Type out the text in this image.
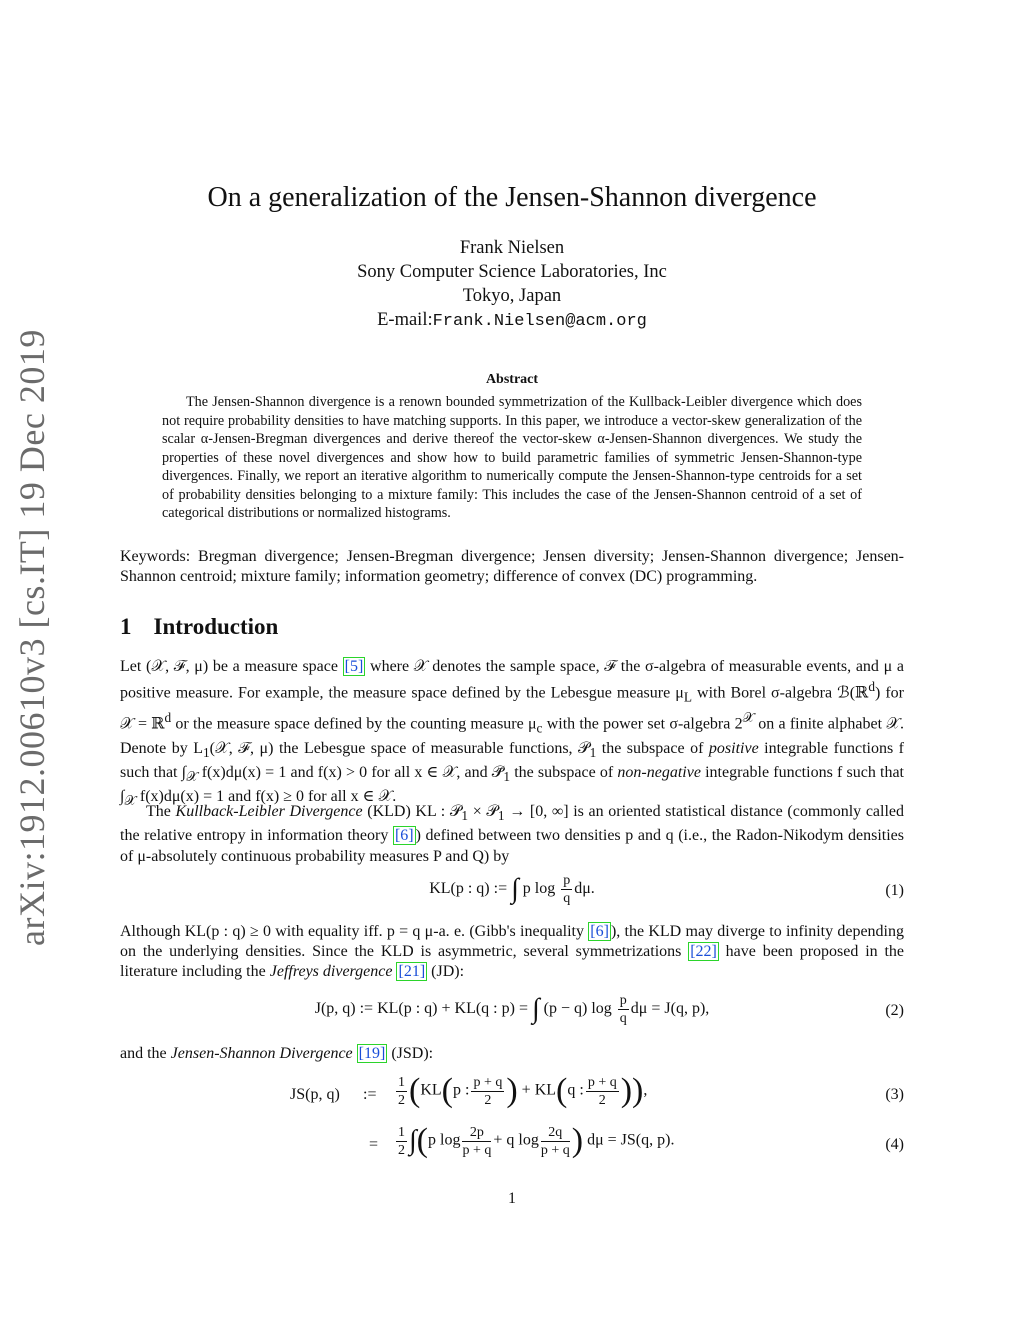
arXiv:1912.00610v3 [cs.IT] 19 Dec 2019
On a generalization of the Jensen-Shannon divergence
Frank Nielsen
Sony Computer Science Laboratories, Inc
Tokyo, Japan
E-mail:Frank.Nielsen@acm.org
Abstract
The Jensen-Shannon divergence is a renown bounded symmetrization of the Kullback-Leibler divergence which does not require probability densities to have matching supports. In this paper, we introduce a vector-skew generalization of the scalar α-Jensen-Bregman divergences and derive thereof the vector-skew α-Jensen-Shannon divergences. We study the properties of these novel divergences and show how to build parametric families of symmetric Jensen-Shannon-type divergences. Finally, we report an iterative algorithm to numerically compute the Jensen-Shannon-type centroids for a set of probability densities belonging to a mixture family: This includes the case of the Jensen-Shannon centroid of a set of categorical distributions or normalized histograms.
Keywords: Bregman divergence; Jensen-Bregman divergence; Jensen diversity; Jensen-Shannon divergence; Jensen-Shannon centroid; mixture family; information geometry; difference of convex (DC) programming.
1 Introduction
Let (𝒳, ℱ, μ) be a measure space [5] where 𝒳 denotes the sample space, ℱ the σ-algebra of measurable events, and μ a positive measure. For example, the measure space defined by the Lebesgue measure $\mu_L$ with Borel σ-algebra ℬ(ℝ$^d$) for 𝒳 = ℝ$^d$ or the measure space defined by the counting measure $\mu_c$ with the power set σ-algebra $2^𝒳$ on a finite alphabet 𝒳. Denote by $L_1(𝒳$, ℱ, μ) the Lebesgue space of measurable functions, 𝒫$_1$ the subspace of positive integrable functions f such that $\int_𝒳$ f(x)dμ(x) = 1 and f(x) > 0 for all x ∈ 𝒳, and $𝒫̄_1$ the subspace of non-negative integrable functions f such that $\int_𝒳$ f(x)dμ(x) = 1 and f(x) ≥ 0 for all x ∈ 𝒳.
The Kullback-Leibler Divergence (KLD) KL : 𝒫$_1$ × 𝒫$_1$ → [0, ∞] is an oriented statistical distance (commonly called the relative entropy in information theory [6] ) defined between two densities p and q (i.e., the Radon-Nikodym densities of μ-absolutely continuous probability measures P and Q) by
KL(p : q) := ∫ p $\log \frac{p}{q} d\mu$.	(1)
Although KL(p : q) ≥ 0 with equality iff. p = q μ-a. e. (Gibb's inequality [6] ), the KLD may diverge to infinity depending on the underlying densities. Since the KLD is asymmetric, several symmetrizations [22] have been proposed in the literature including the Jeffreys divergence [21] (JD):
J(p, q) := KL(p : q) + KL(q : p) = ∫ (p − q) $\log \frac{p}{q}$ dμ = J(q, p),	(2)
and the Jensen-Shannon Divergence [19] (JSD):
JS(p, q) := $\frac{1}{2} (KL(p$ : $\frac{p + q}{2}$ ) + KL(q : $\frac{p + q}{2}$ )),	(3)
= $\frac{1}{2} \int(p$ $\log \frac{2p}{p + q} + q$ $\log \frac{2q}{p + q}$ ) dμ = JS(q, p).	(4)
1
